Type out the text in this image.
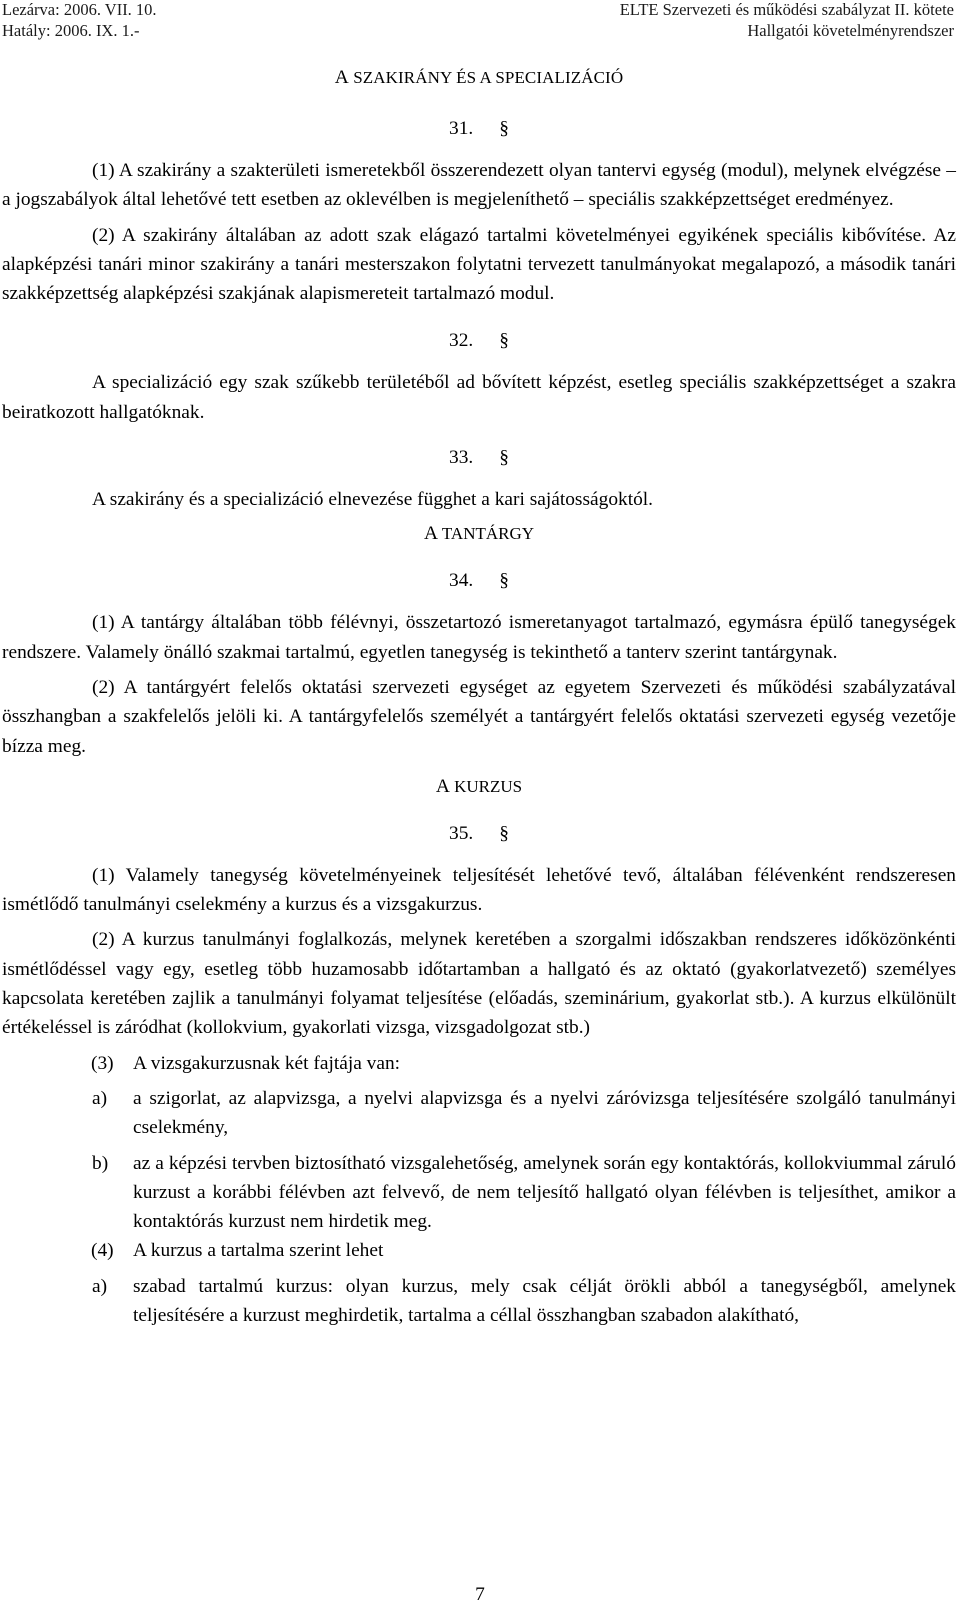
Lezárva: 2006. VII. 10.
Hatály: 2006. IX. 1.-
ELTE Szervezeti és működési szabályzat II. kötete
Hallgatói követelményrendszer
A SZAKIRÁNY ÉS A SPECIALIZÁCIÓ
31. §

(1) A szakirány a szakterületi ismeretekből összerendezett olyan tantervi egység (modul), melynek elvégzése – a jogszabályok által lehetővé tett esetben az oklevélben is megjeleníthető – speciális szakképzettséget eredményez.

(2) A szakirány általában az adott szak elágazó tartalmi követelményei egyikének speciális kibővítése. Az alapképzési tanári minor szakirány a tanári mesterszakon folytatni tervezett tanulmányokat megalapozó, a második tanári szakképzettség alapképzési szakjának alapismereteit tartalmazó modul.

32. §

A specializáció egy szak szűkebb területéből ad bővített képzést, esetleg speciális szakképzettséget a szakra beiratkozott hallgatóknak.

33. §

A szakirány és a specializáció elnevezése függhet a kari sajátosságoktól.

A TANTÁRGY
34. §

(1) A tantárgy általában több félévnyi, összetartozó ismeretanyagot tartalmazó, egymásra épülő tanegységek rendszere. Valamely önálló szakmai tartalmú, egyetlen tanegység is tekinthető a tanterv szerint tantárgynak.

(2) A tantárgyért felelős oktatási szervezeti egységet az egyetem Szervezeti és működési szabályzatával összhangban a szakfelelős jelöli ki. A tantárgyfelelős személyét a tantárgyért felelős oktatási szervezeti egység vezetője bízza meg.

A KURZUS
35. §

(1) Valamely tanegység követelményeinek teljesítését lehetővé tevő, általában félévenként rendszeresen ismétlődő tanulmányi cselekmény a kurzus és a vizsgakurzus.

(2) A kurzus tanulmányi foglalkozás, melynek keretében a szorgalmi időszakban rendszeres időközönkénti ismétlődéssel vagy egy, esetleg több huzamosabb időtartamban a hallgató és az oktató (gyakorlatvezető) személyes kapcsolata keretében zajlik a tanulmányi folyamat teljesítése (előadás, szeminárium, gyakorlat stb.). A kurzus elkülönült értékeléssel is záródhat (kollokvium, gyakorlati vizsga, vizsgadolgozat stb.)

(3) A vizsgakurzusnak két fajtája van:
a) a szigorlat, az alapvizsga, a nyelvi alapvizsga és a nyelvi záróvizsga teljesítésére szolgáló tanulmányi cselekmény,
b) az a képzési tervben biztosítható vizsgalehetőség, amelynek során egy kontaktórás, kollokviummal záruló kurzust a korábbi félévben azt felvevő, de nem teljesítő hallgató olyan félévben is teljesíthet, amikor a kontaktórás kurzust nem hirdetik meg.
(4) A kurzus a tartalma szerint lehet
a) szabad tartalmú kurzus: olyan kurzus, mely csak célját örökli abból a tanegységből, amelynek teljesítésére a kurzust meghirdetik, tartalma a céllal összhangban szabadon alakítható,
7
